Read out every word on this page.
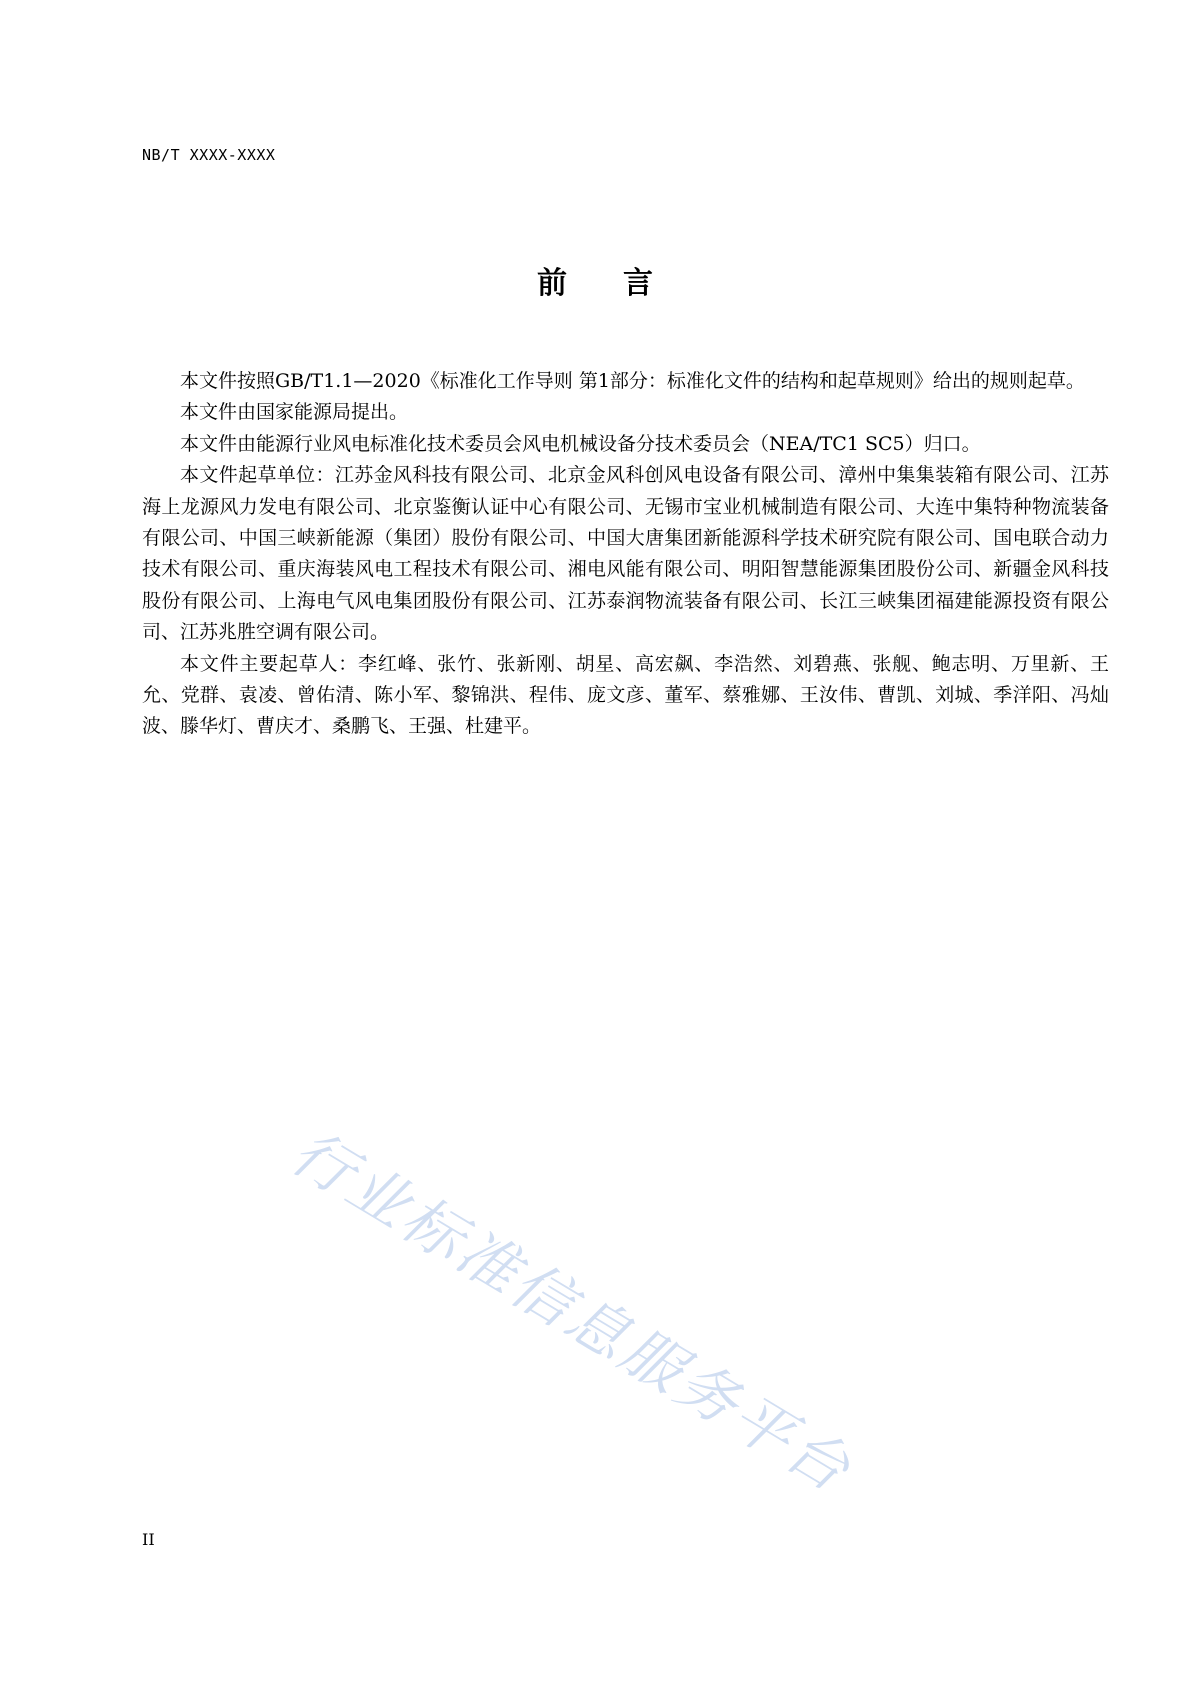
NB/T XXXX-XXXX
前言

本文件按照GB/T1.1—2020《标准化工作导则 第1部分：标准化文件的结构和起草规则》给出的规则起草。

本文件由国家能源局提出。

本文件由能源行业风电标准化技术委员会风电机械设备分技术委员会（NEA/TC1 SC5）归口。

本文件起草单位：江苏金风科技有限公司、北京金风科创风电设备有限公司、漳州中集集装箱有限公司、江苏海上龙源风力发电有限公司、北京鉴衡认证中心有限公司、无锡市宝业机械制造有限公司、大连中集特种物流装备有限公司、中国三峡新能源（集团）股份有限公司、中国大唐集团新能源科学技术研究院有限公司、国电联合动力技术有限公司、重庆海装风电工程技术有限公司、湘电风能有限公司、明阳智慧能源集团股份公司、新疆金风科技股份有限公司、上海电气风电集团股份有限公司、江苏泰润物流装备有限公司、长江三峡集团福建能源投资有限公司、江苏兆胜空调有限公司。

本文件主要起草人：李红峰、张竹、张新刚、胡星、高宏飙、李浩然、刘碧燕、张舰、鲍志明、万里新、王允、党群、袁凌、曾佑清、陈小军、黎锦洪、程伟、庞文彦、董军、蔡雅娜、王汝伟、曹凯、刘城、季洋阳、冯灿波、滕华灯、曹庆才、桑鹏飞、王强、杜建平。

行业标准信息服务平台
II
